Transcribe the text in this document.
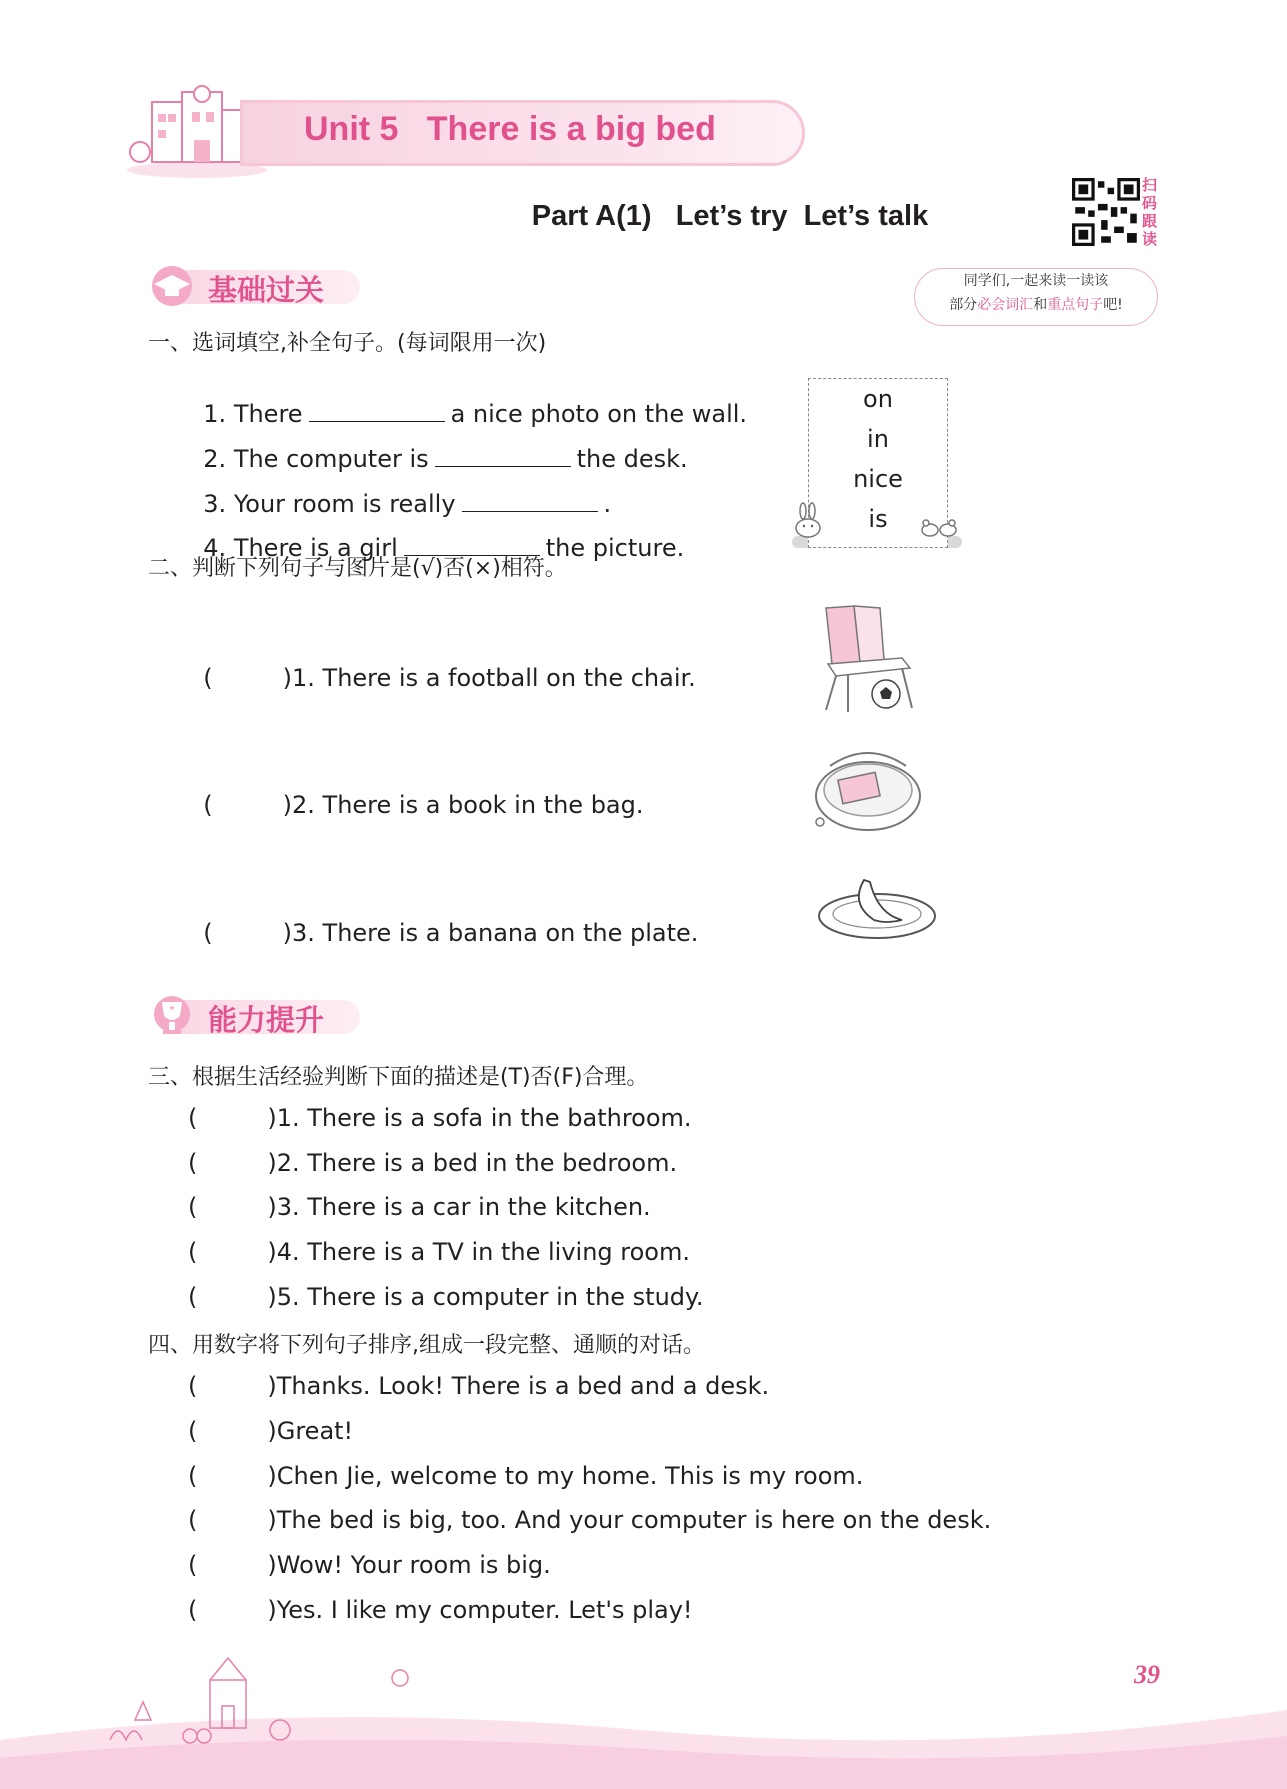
Unit 5   There is a big bed
Part A(1)   Let’s try  Let’s talk
扫
码
跟
读
同学们,一起来读一读该
部分必会词汇和重点句子吧!
基础过关
一、选词填空,补全句子。(每词限用一次)

1. There	a nice photo on the wall.

2. The computer is	the desk.

3. Your room is really	.

4. There is a girl	the picture.

on
in
nice
is
二、判断下列句子与图片是(√)否(×)相符。

(	)1. There is a football on the chair.

(	)2. There is a book in the bag.

(	)3. There is a banana on the plate.

能力提升
三、根据生活经验判断下面的描述是(T)否(F)合理。
(	)1. There is a sofa in the bathroom.
(	)2. There is a bed in the bedroom.
(	)3. There is a car in the kitchen.
(	)4. There is a TV in the living room.
(	)5. There is a computer in the study.
四、用数字将下列句子排序,组成一段完整、通顺的对话。
(	)Thanks. Look! There is a bed and a desk.
(	)Great!
(	)Chen Jie, welcome to my home. This is my room.
(	)The bed is big, too. And your computer is here on the desk.
(	)Wow! Your room is big.
(	)Yes. I like my computer. Let's play!
39
